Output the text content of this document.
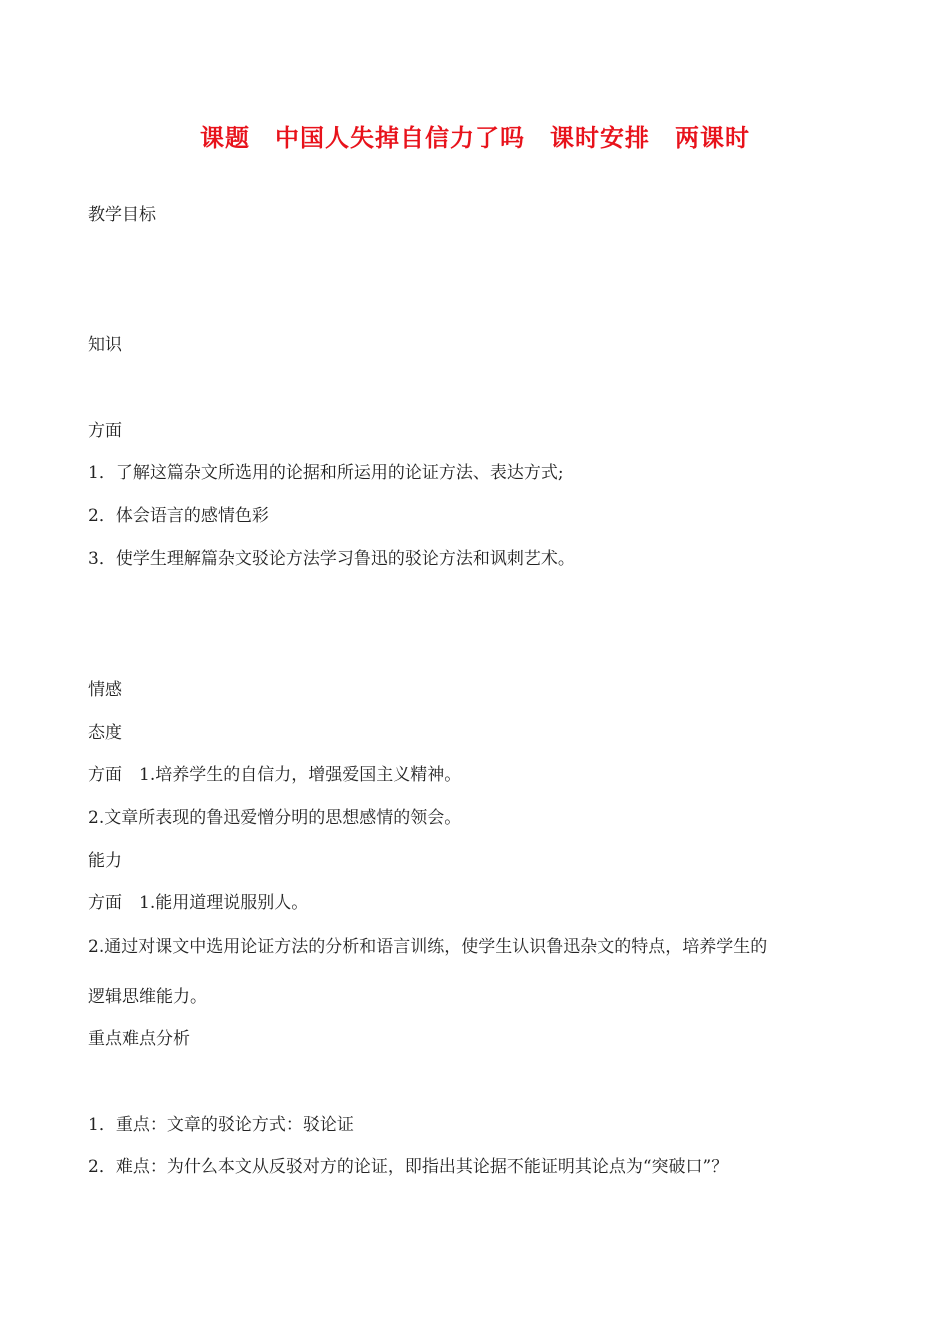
课题　中国人失掉自信力了吗　课时安排　两课时
教学目标
知识
方面
1．了解这篇杂文所选用的论据和所运用的论证方法、表达方式;
2．体会语言的感情色彩
3．使学生理解篇杂文驳论方法学习鲁迅的驳论方法和讽刺艺术。
情感
态度
方面　1.培养学生的自信力，增强爱国主义精神。
2.文章所表现的鲁迅爱憎分明的思想感情的领会。
能力
方面　1.能用道理说服别人。
2.通过对课文中选用论证方法的分析和语言训练，使学生认识鲁迅杂文的特点，培养学生的
逻辑思维能力。
重点难点分析
1．重点：文章的驳论方式：驳论证
2．难点：为什么本文从反驳对方的论证，即指出其论据不能证明其论点为“突破口”？
